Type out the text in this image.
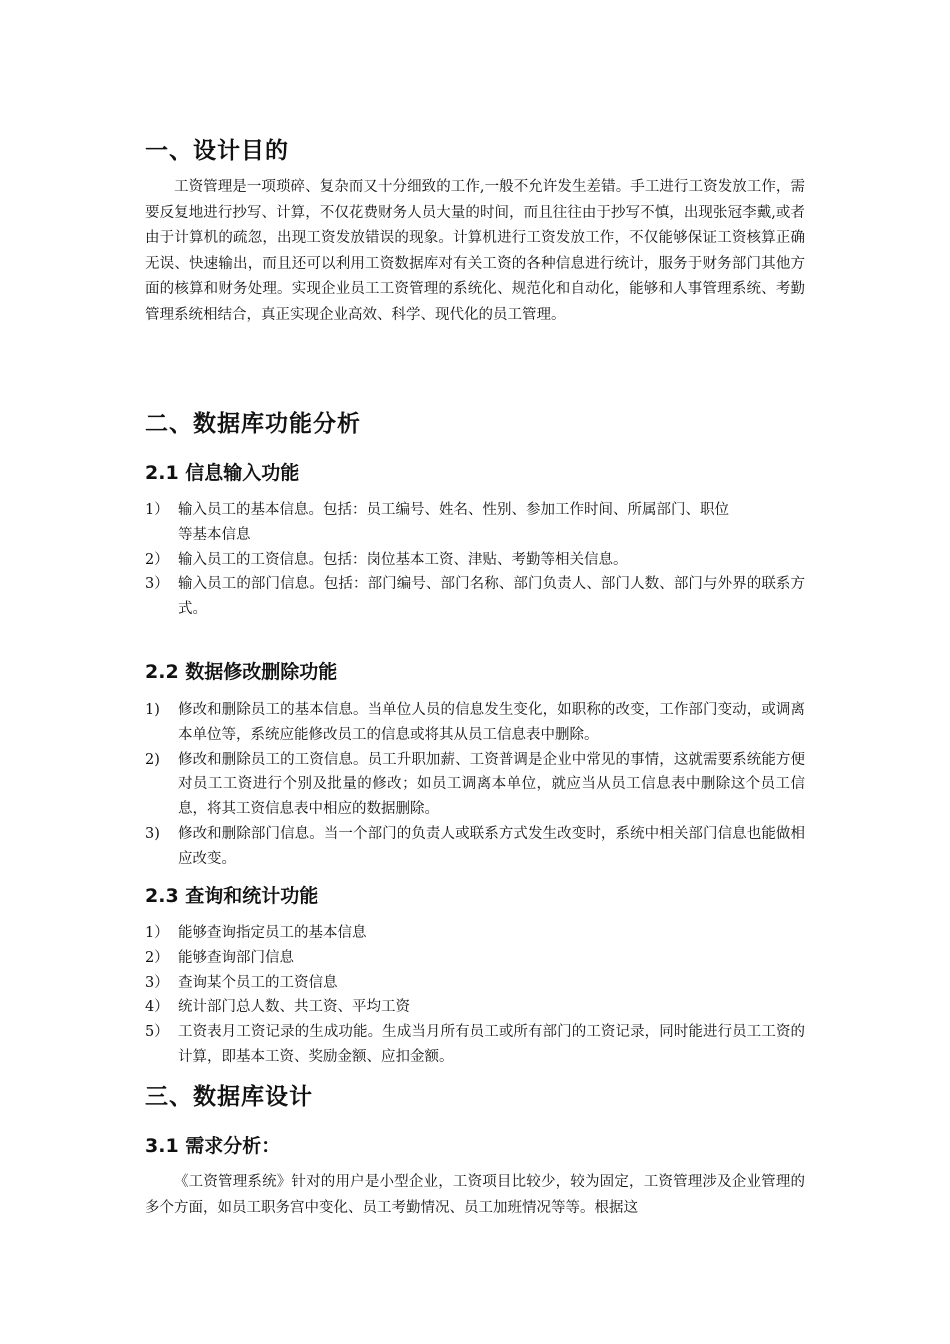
一、设计目的

工资管理是一项琐碎、复杂而又十分细致的工作,一般不允许发生差错。手工进行工资发放工作，需要反复地进行抄写、计算，不仅花费财务人员大量的时间，而且往往由于抄写不慎，出现张冠李戴,或者由于计算机的疏忽，出现工资发放错误的现象。计算机进行工资发放工作，不仅能够保证工资核算正确无误、快速输出，而且还可以利用工资数据库对有关工资的各种信息进行统计，服务于财务部门其他方面的核算和财务处理。实现企业员工工资管理的系统化、规范化和自动化，能够和人事管理系统、考勤管理系统相结合，真正实现企业高效、科学、现代化的员工管理。

二、数据库功能分析
2.1 信息输入功能
1） 输入员工的基本信息。包括：员工编号、姓名、性别、参加工作时间、所属部门、职位
等基本信息
2） 输入员工的工资信息。包括：岗位基本工资、津贴、考勤等相关信息。
3） 输入员工的部门信息。包括：部门编号、部门名称、部门负责人、部门人数、部门与外界的联系方式。
2.2 数据修改删除功能
1) 修改和删除员工的基本信息。当单位人员的信息发生变化，如职称的改变，工作部门变动，或调离本单位等，系统应能修改员工的信息或将其从员工信息表中删除。
2) 修改和删除员工的工资信息。员工升职加薪、工资普调是企业中常见的事情，这就需要系统能方便对员工工资进行个别及批量的修改；如员工调离本单位，就应当从员工信息表中删除这个员工信息，将其工资信息表中相应的数据删除。
3) 修改和删除部门信息。当一个部门的负责人或联系方式发生改变时，系统中相关部门信息也能做相应改变。
2.3 查询和统计功能
1） 能够查询指定员工的基本信息
2） 能够查询部门信息
3） 查询某个员工的工资信息
4） 统计部门总人数、共工资、平均工资
5） 工资表月工资记录的生成功能。生成当月所有员工或所有部门的工资记录，同时能进行员工工资的计算，即基本工资、奖励金额、应扣金额。
三、数据库设计
3.1 需求分析：

《工资管理系统》针对的用户是小型企业，工资项目比较少，较为固定，工资管理涉及企业管理的多个方面，如员工职务宫中变化、员工考勤情况、员工加班情况等等。根据这
